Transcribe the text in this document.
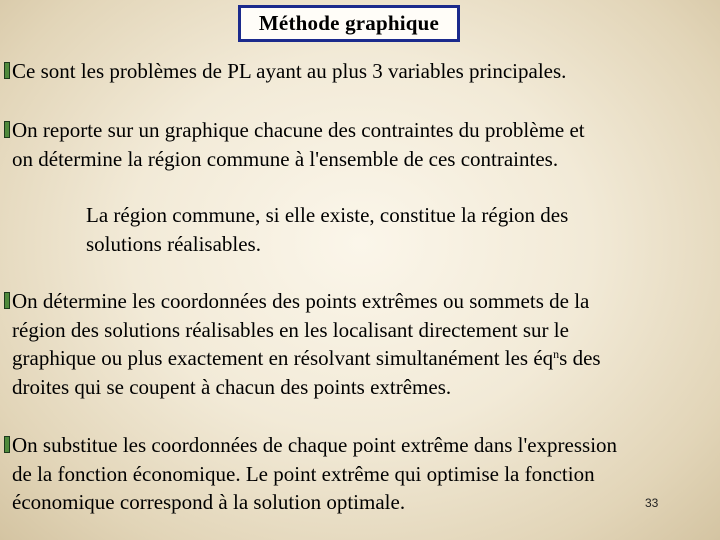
Méthode graphique
Ce sont les problèmes de PL ayant au plus 3 variables principales.
On reporte sur un graphique chacune des contraintes du problème et
on détermine la région commune à l'ensemble de ces contraintes.
La région commune, si elle existe, constitue la région des
solutions réalisables.
On détermine les coordonnées des points extrêmes ou sommets de la
région des solutions réalisables en les localisant directement sur le
graphique ou plus exactement en résolvant simultanément les $éq^ns$ des
droites qui se coupent à chacun des points extrêmes.
On substitue les coordonnées de chaque point extrême dans l'expression
de la fonction économique. Le point extrême qui optimise la fonction
économique correspond à la solution optimale.	33
